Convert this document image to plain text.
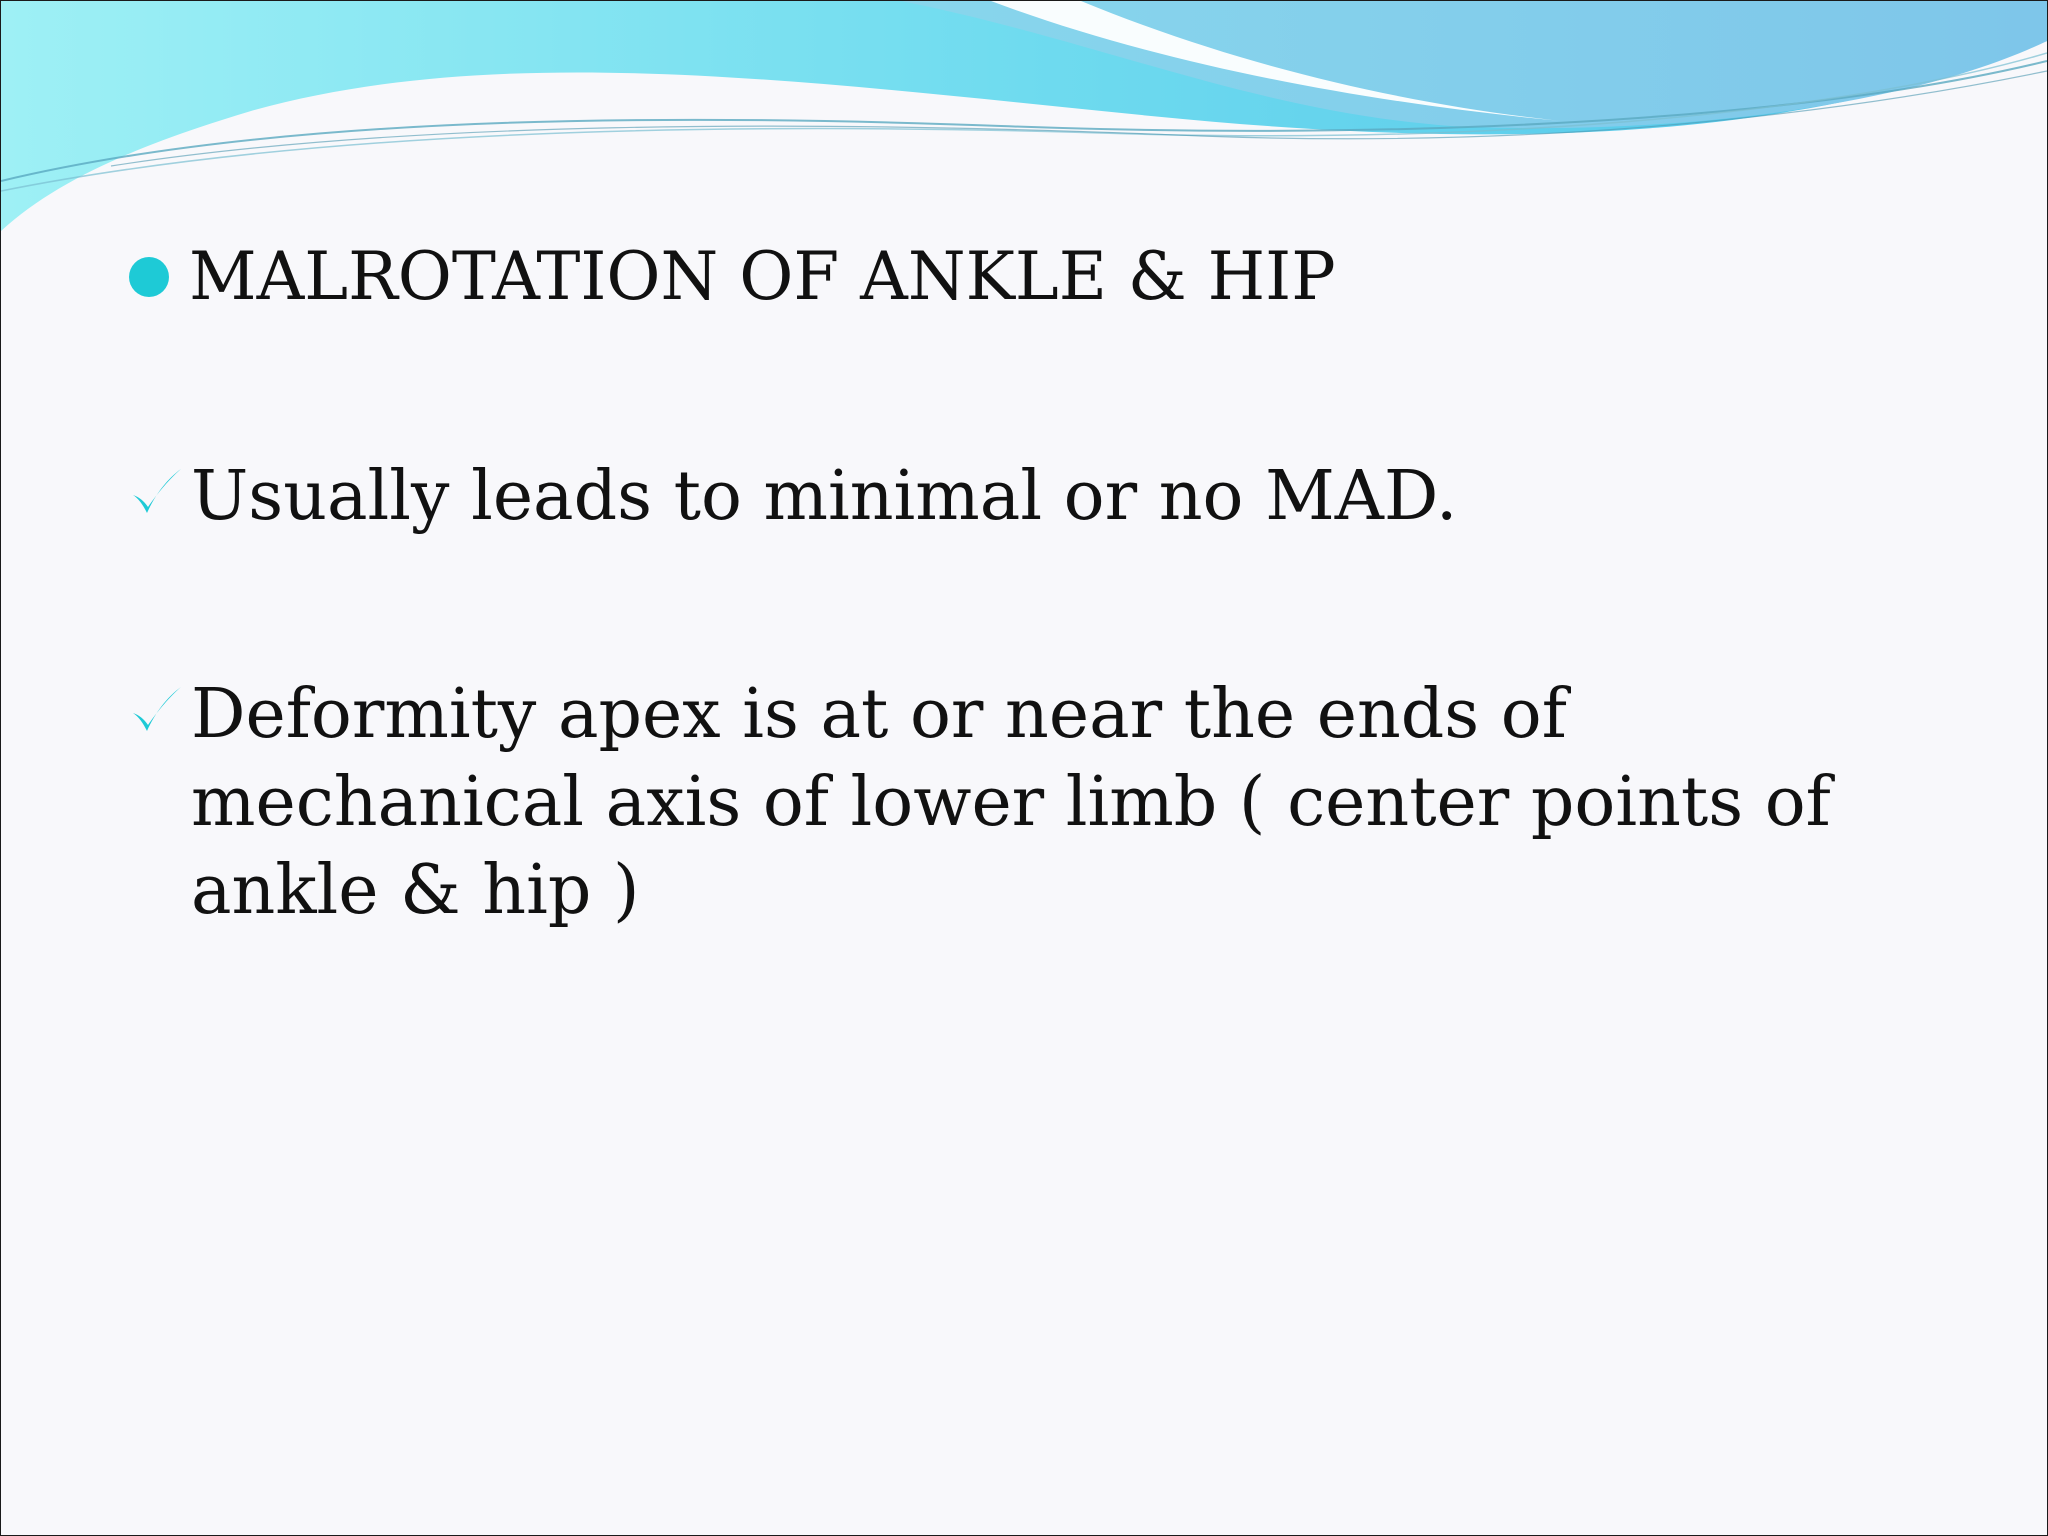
MALROTATION OF ANKLE & HIP
Usually leads to minimal or no MAD.
Deformity apex is at or near the ends of mechanical axis of lower limb ( center points of ankle & hip )
